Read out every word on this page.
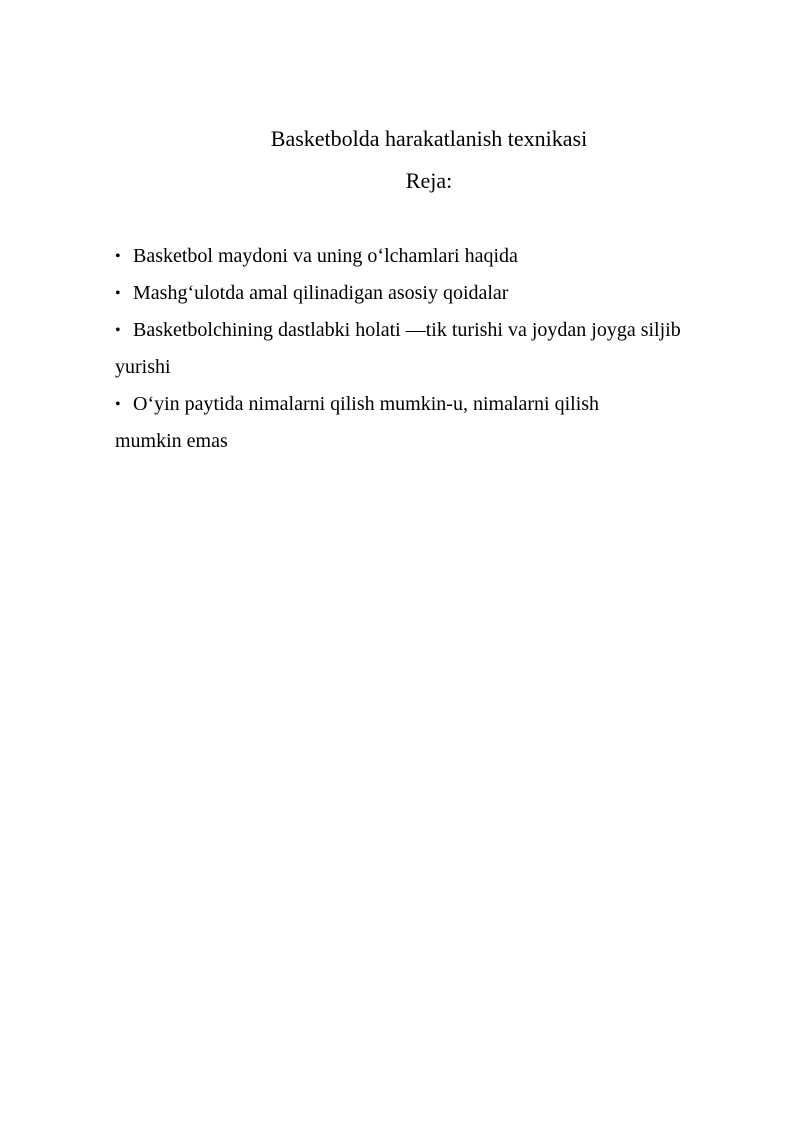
Basketbolda harakatlanish texnikasi
Reja:
• Basketbol maydoni va uning o‘lchamlari haqida
• Mashg‘ulotda amal qilinadigan asosiy qoidalar
• Basketbolchining dastlabki holati —tik turishi va joydan joyga siljib
yurishi
• O‘yin paytida nimalarni qilish mumkin-u, nimalarni qilish
mumkin emas
